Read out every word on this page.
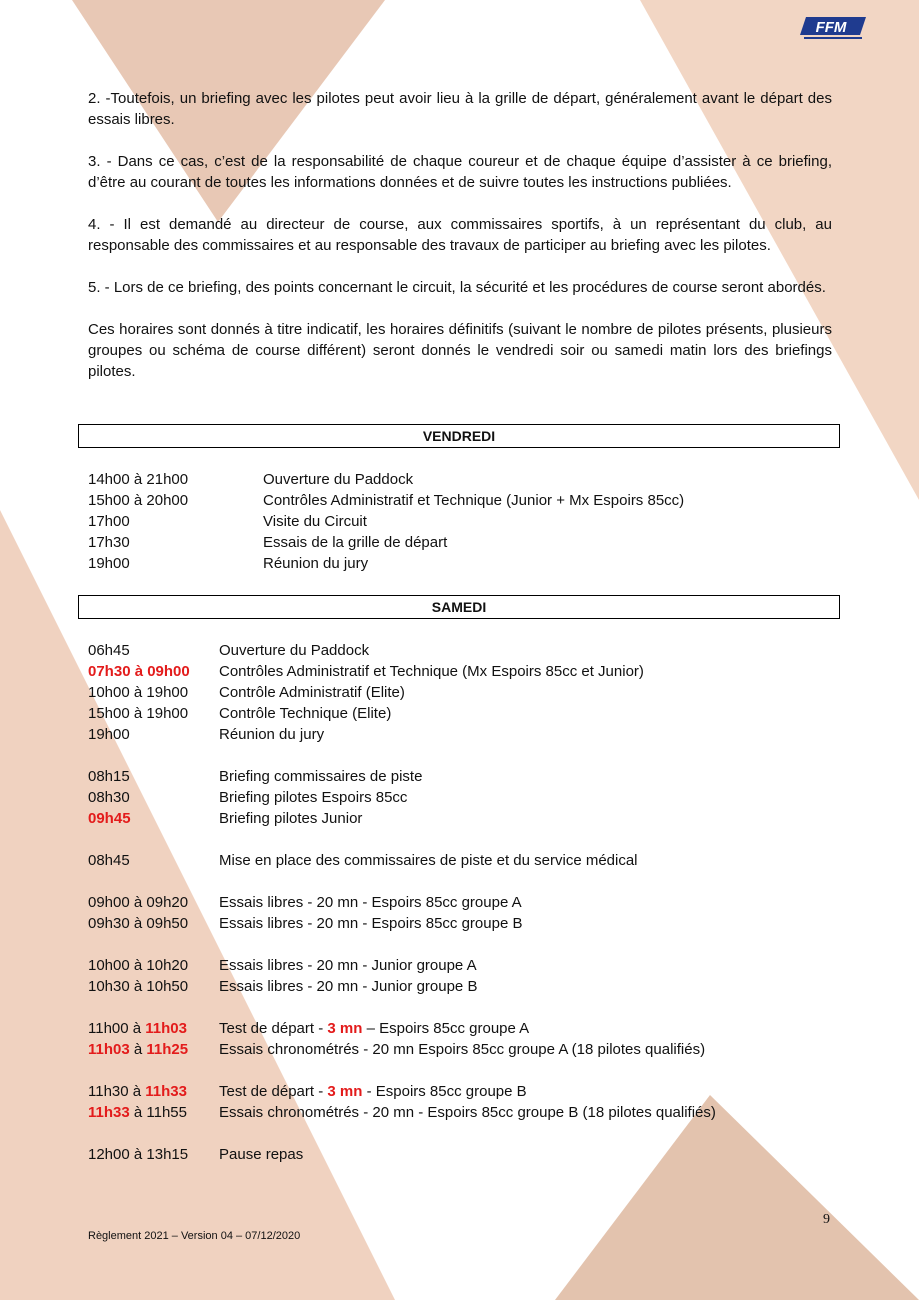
FFM

2. -Toutefois, un briefing avec les pilotes peut avoir lieu à la grille de départ, généralement avant le départ des essais libres.

3. - Dans ce cas, c’est de la responsabilité de chaque coureur et de chaque équipe d’assister à ce briefing, d’être au courant de toutes les informations données et de suivre toutes les instructions publiées.

4. - Il est demandé au directeur de course, aux commissaires sportifs, à un représentant du club, au responsable des commissaires et au responsable des travaux de participer au briefing avec les pilotes.

5. - Lors de ce briefing, des points concernant le circuit, la sécurité et les procédures de course seront abordés.

Ces horaires sont donnés à titre indicatif, les horaires définitifs (suivant le nombre de pilotes présents, plusieurs groupes ou schéma de course différent) seront donnés le vendredi soir ou samedi matin lors des briefings pilotes.

VENDREDI
14h00 à 21h00	Ouverture du Paddock
15h00 à 20h00	Contrôles Administratif et Technique (Junior + Mx Espoirs 85cc)
17h00	Visite du Circuit
17h30	Essais de la grille de départ
19h00	Réunion du jury
SAMEDI
06h45	Ouverture du Paddock
07h30 à 09h00	Contrôles Administratif et Technique (Mx Espoirs 85cc et Junior)
10h00 à 19h00	Contrôle Administratif (Elite)
15h00 à 19h00	Contrôle Technique (Elite)
19h00	Réunion du jury
08h15	Briefing commissaires de piste
08h30	Briefing pilotes Espoirs 85cc
09h45	Briefing pilotes Junior
08h45	Mise en place des commissaires de piste et du service médical
09h00 à 09h20	Essais libres - 20 mn - Espoirs 85cc groupe A
09h30 à 09h50	Essais libres - 20 mn - Espoirs 85cc groupe B
10h00 à 10h20	Essais libres - 20 mn - Junior groupe A
10h30 à 10h50	Essais libres - 20 mn - Junior groupe B
11h00 à 11h03	Test de départ - 3 mn – Espoirs 85cc groupe A
11h03 à 11h25	Essais chronométrés - 20 mn Espoirs 85cc groupe A (18 pilotes qualifiés)
11h30 à 11h33	Test de départ - 3 mn - Espoirs 85cc groupe B
11h33 à 11h55	Essais chronométrés - 20 mn - Espoirs 85cc groupe B (18 pilotes qualifiés)
12h00 à 13h15	Pause repas
9
Règlement 2021 – Version 04 – 07/12/2020
